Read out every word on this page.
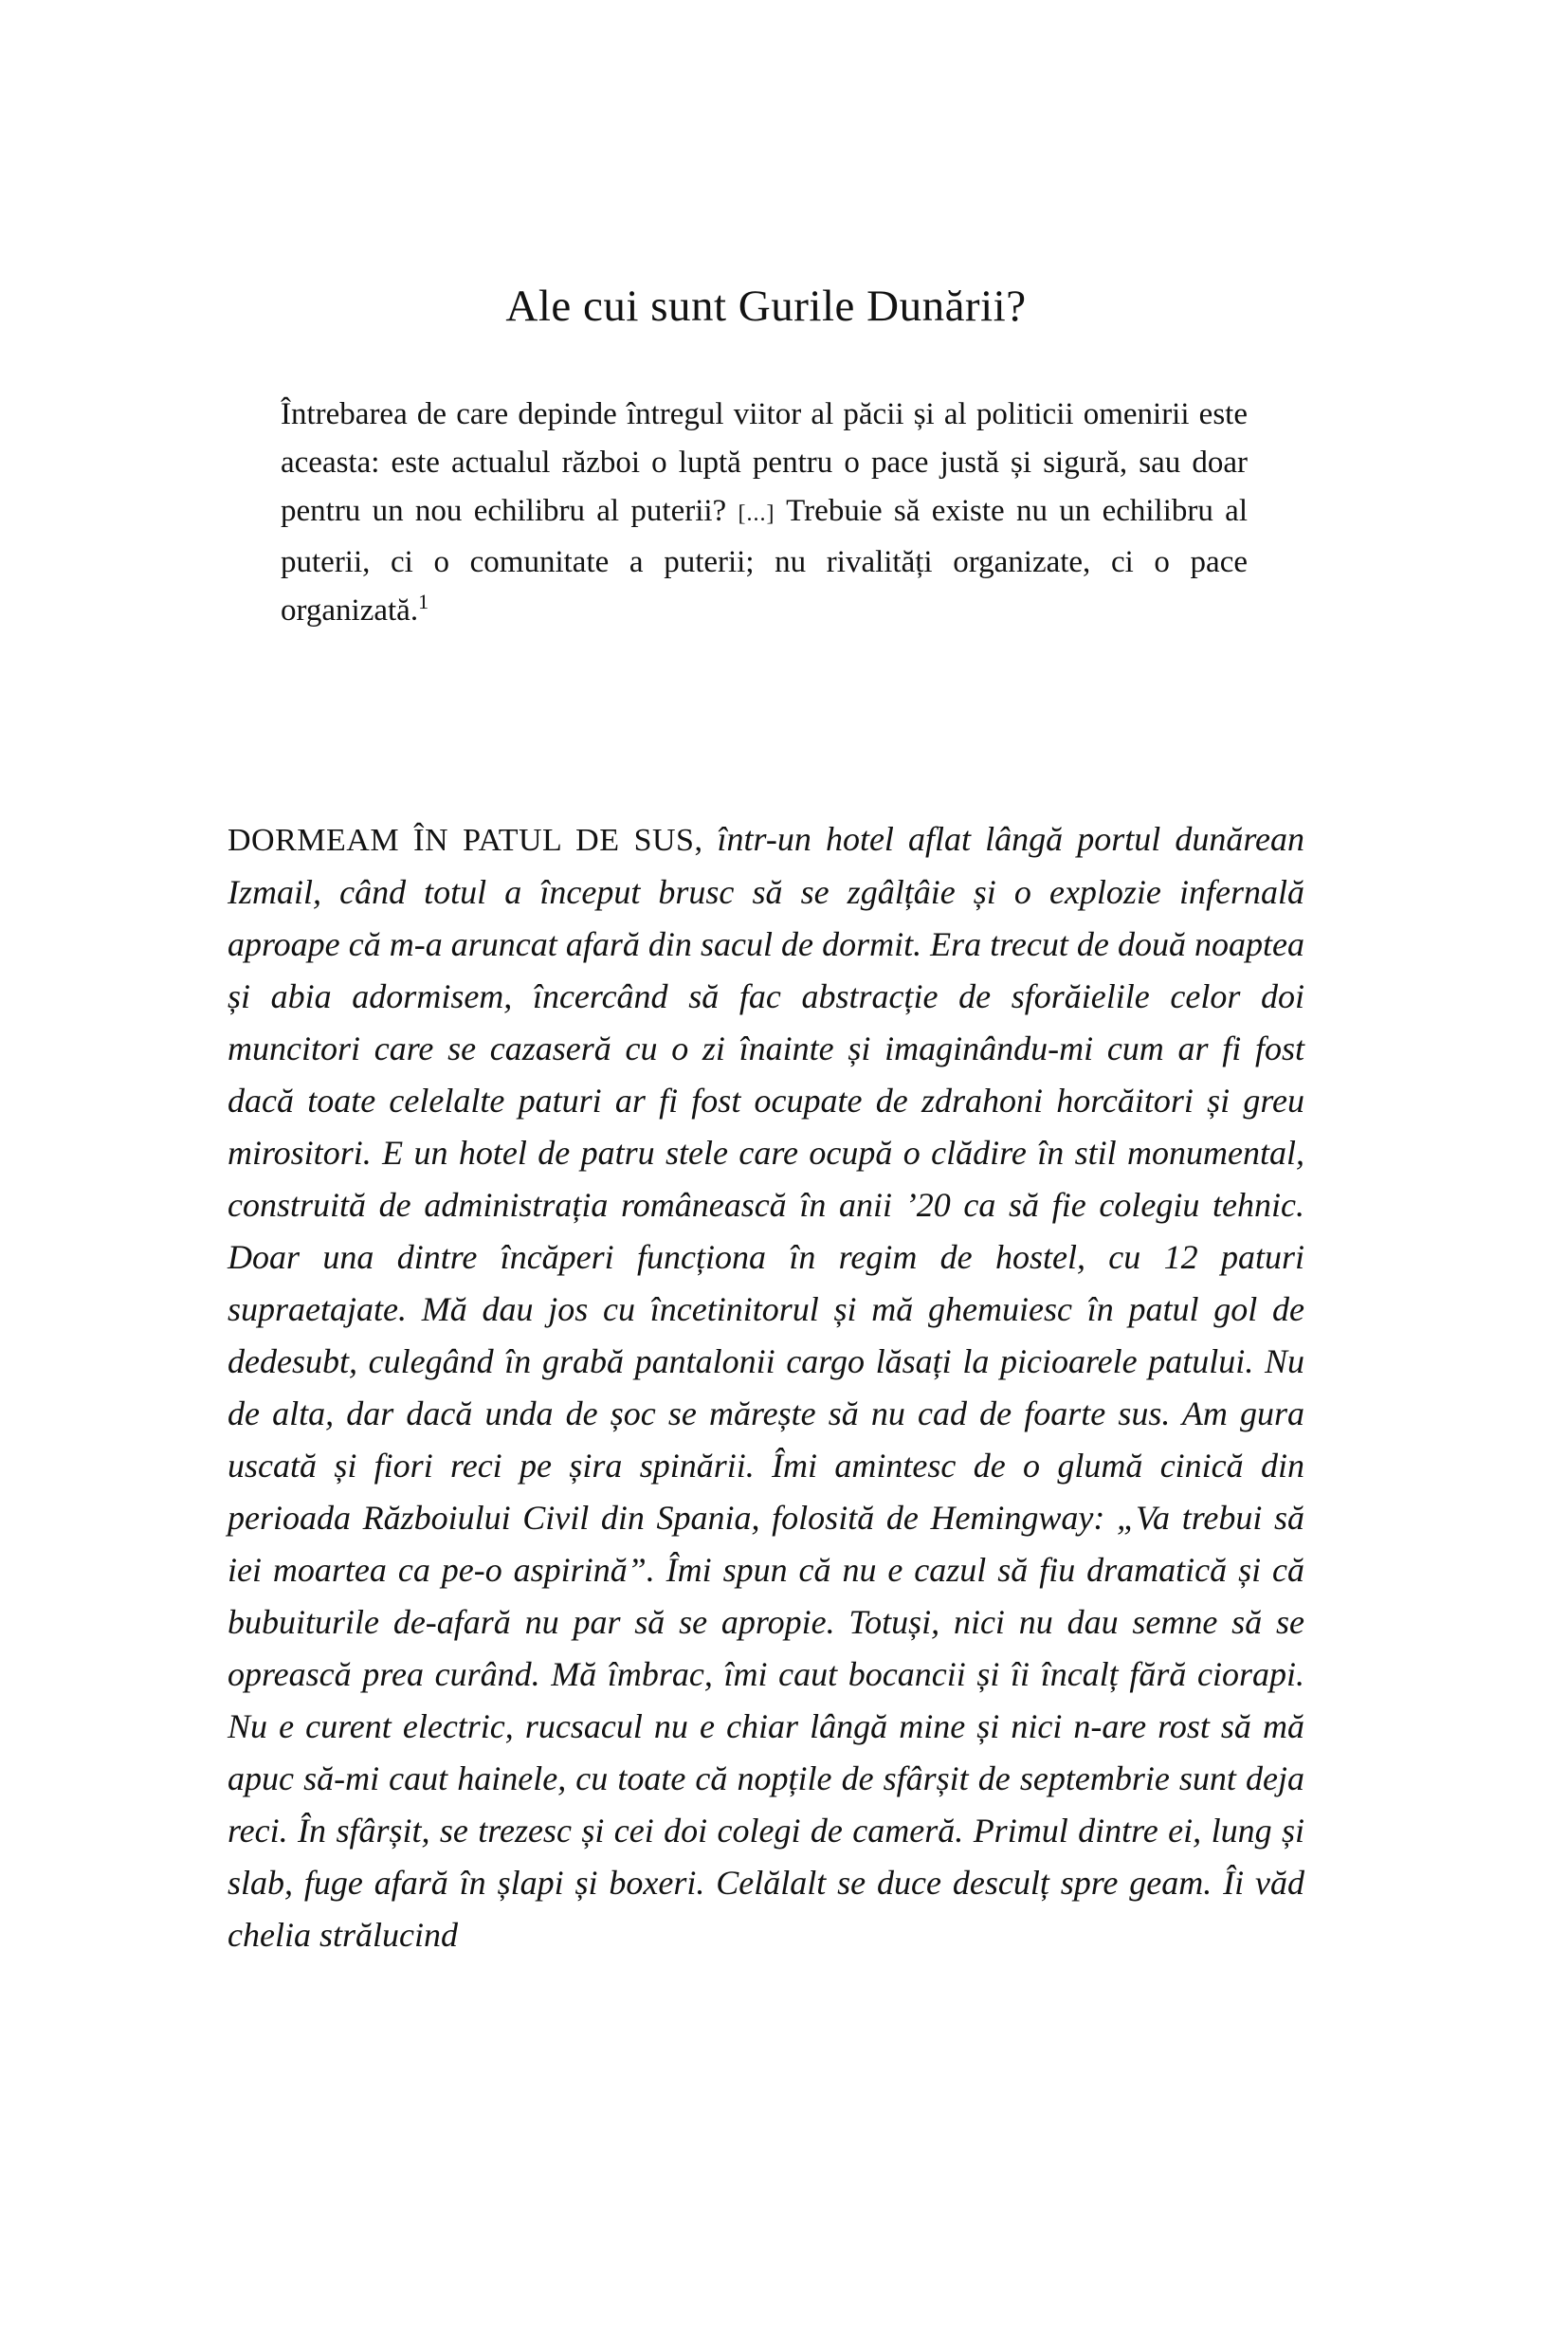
Ale cui sunt Gurile Dunării?
Întrebarea de care depinde întregul viitor al păcii și al politicii omenirii este aceasta: este actualul război o luptă pentru o pace justă și sigură, sau doar pentru un nou echilibru al puterii? [...] Trebuie să existe nu un echilibru al puterii, ci o comunitate a puterii; nu rivalități organizate, ci o pace organizată.$^1$
DORMEAM ÎN PATUL DE SUS, într-un hotel aflat lângă portul dunărean Izmail, când totul a început brusc să se zgâlțâie și o explozie infernală aproape că m-a aruncat afară din sacul de dormit. Era trecut de două noaptea și abia adormisem, încercând să fac abstracție de sforăielile celor doi muncitori care se cazaseră cu o zi înainte și imaginându-mi cum ar fi fost dacă toate celelalte paturi ar fi fost ocupate de zdrahoni horcăitori și greu mirositori. E un hotel de patru stele care ocupă o clădire în stil monumental, construită de administrația românească în anii ’20 ca să fie colegiu tehnic. Doar una dintre încăperi funcționa în regim de hostel, cu 12 paturi supraetajate. Mă dau jos cu încetinitorul și mă ghemuiesc în patul gol de dedesubt, culegând în grabă pantalonii cargo lăsați la picioarele patului. Nu de alta, dar dacă unda de șoc se mărește să nu cad de foarte sus. Am gura uscată și fiori reci pe șira spinării. Îmi amintesc de o glumă cinică din perioada Războiului Civil din Spania, folosită de Hemingway: „Va trebui să iei moartea ca pe-o aspirină”. Îmi spun că nu e cazul să fiu dramatică și că bubuiturile de-afară nu par să se apropie. Totuși, nici nu dau semne să se oprească prea curând. Mă îmbrac, îmi caut bocancii și îi încalț fără ciorapi. Nu e curent electric, rucsacul nu e chiar lângă mine și nici n-are rost să mă apuc să-mi caut hainele, cu toate că nopțile de sfârșit de septembrie sunt deja reci. În sfârșit, se trezesc și cei doi colegi de cameră. Primul dintre ei, lung și slab, fuge afară în șlapi și boxeri. Celălalt se duce desculț spre geam. Îi văd chelia strălucind
